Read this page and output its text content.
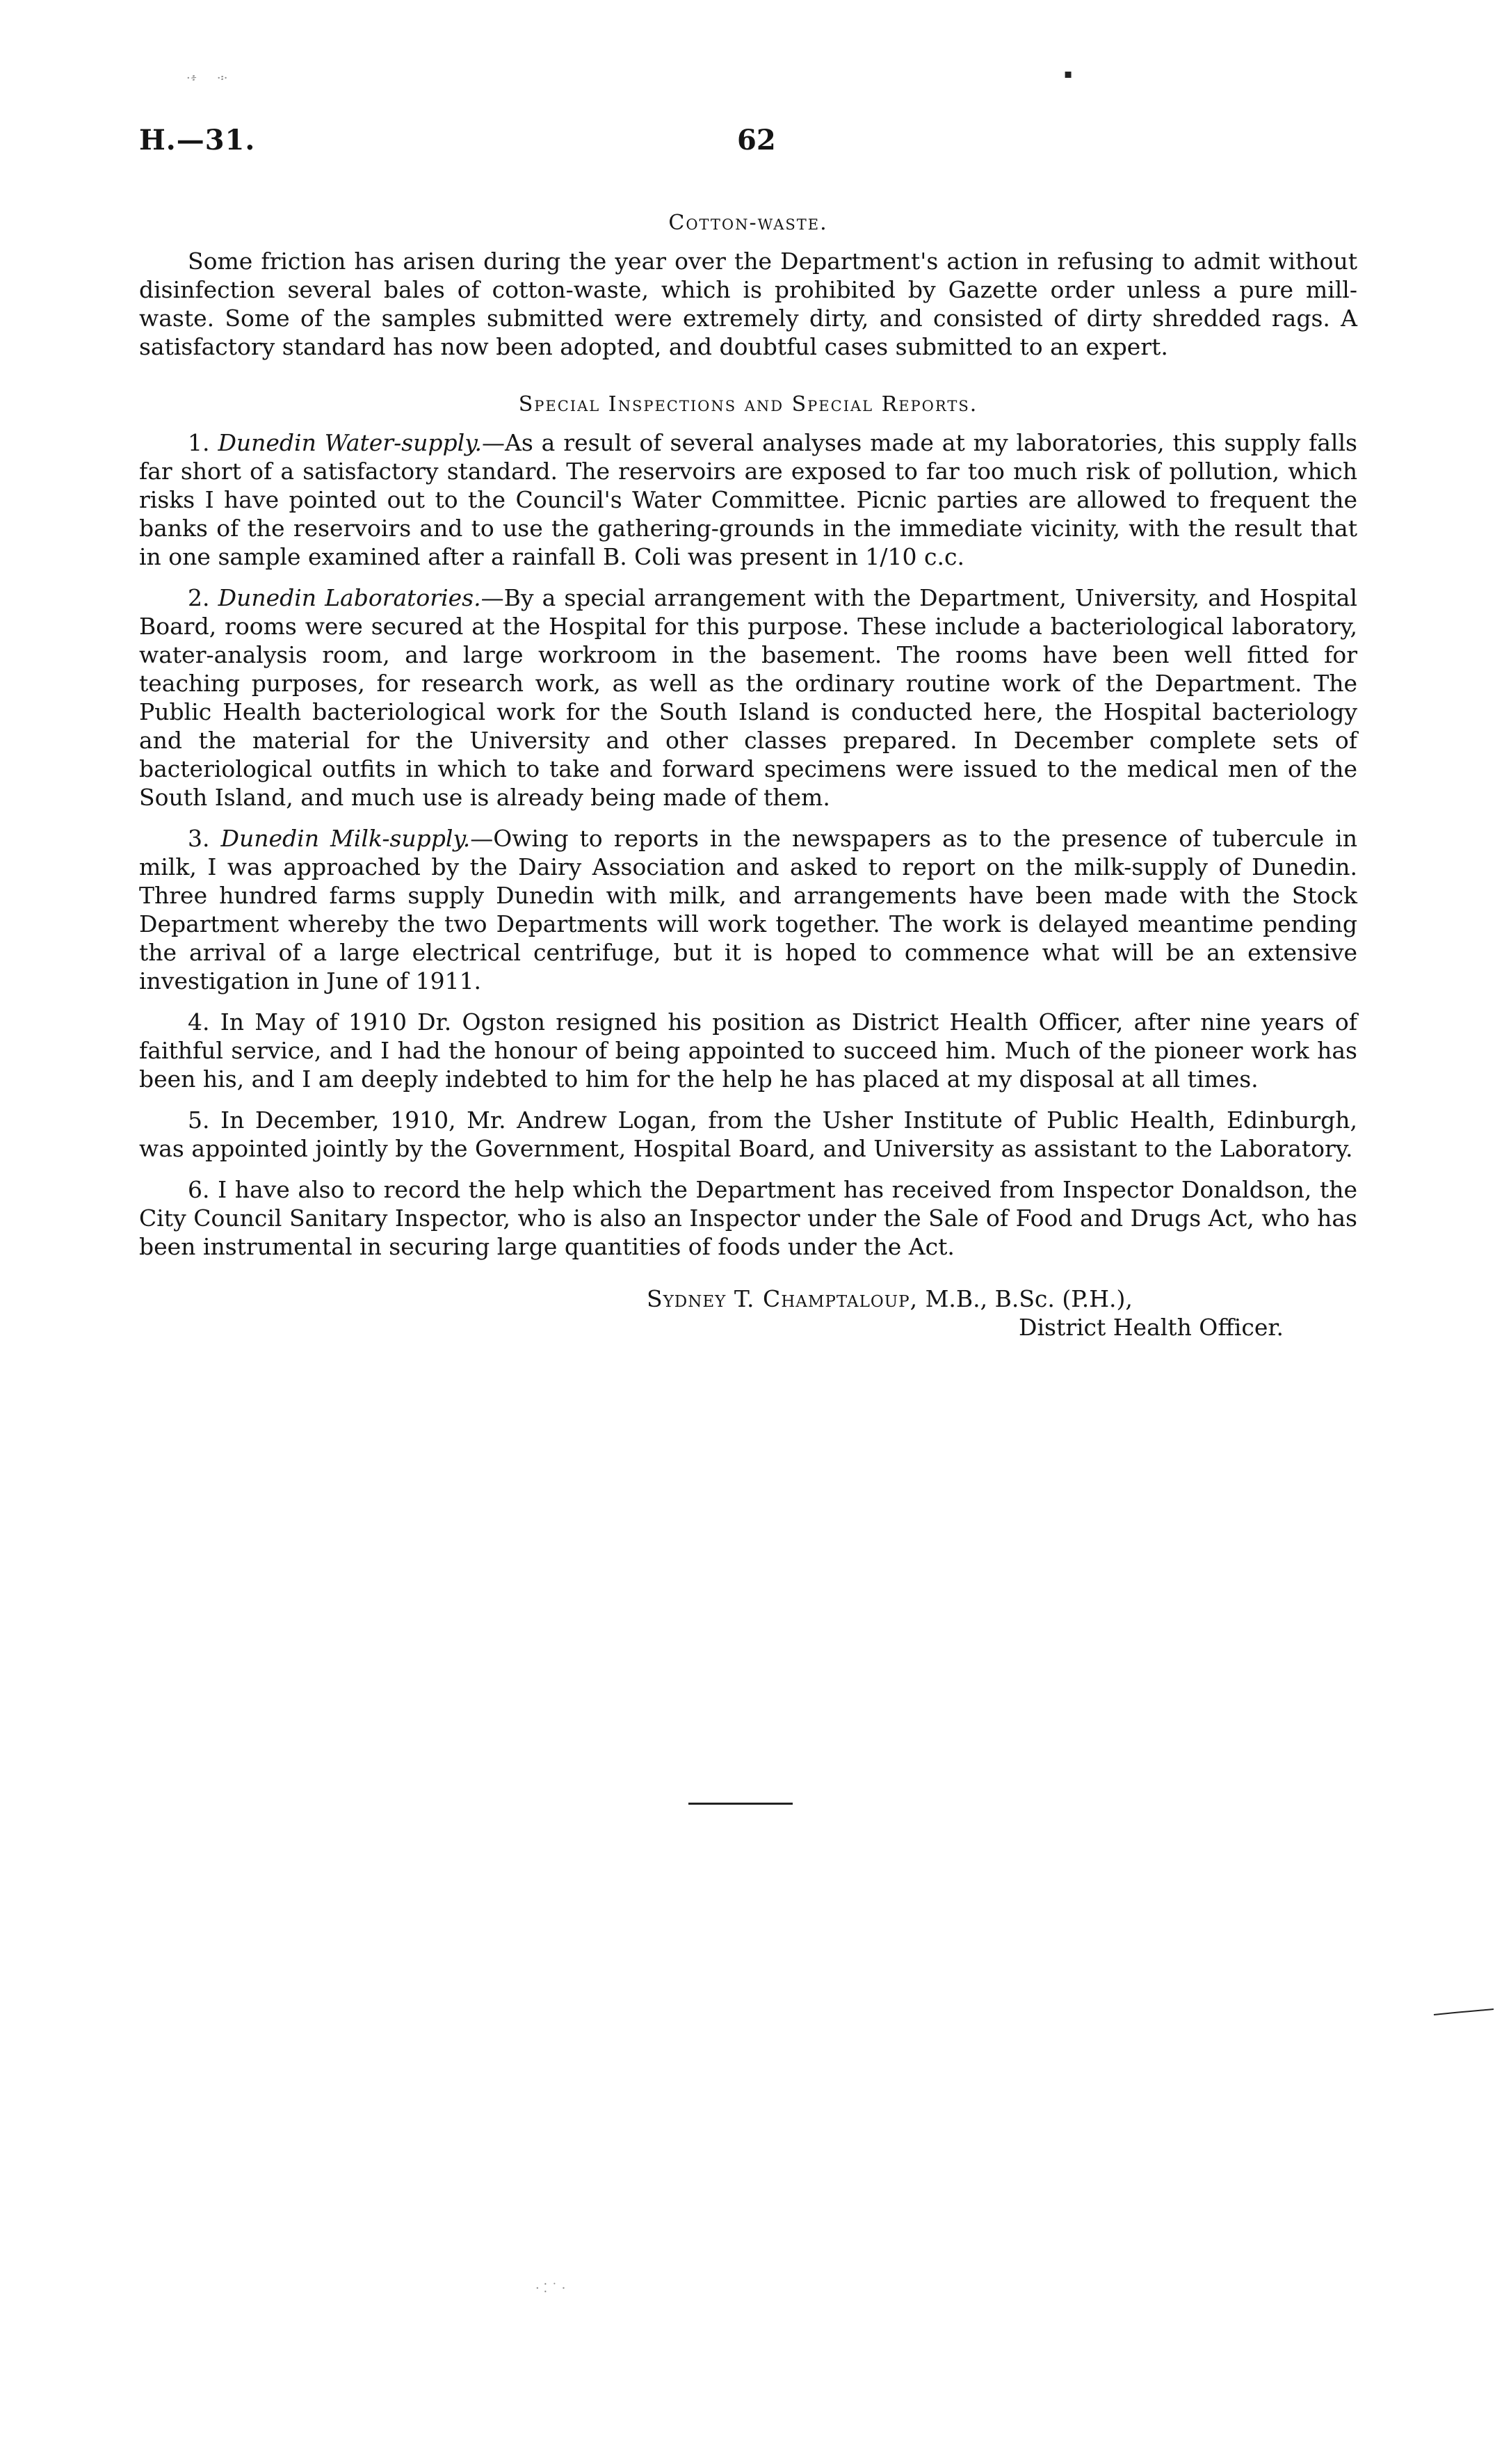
H.—31.	62
Cotton-waste.

Some friction has arisen during the year over the Department's action in refusing to admit without disinfection several bales of cotton-waste, which is prohibited by Gazette order unless a pure mill-waste. Some of the samples submitted were extremely dirty, and consisted of dirty shredded rags. A satisfactory standard has now been adopted, and doubtful cases submitted to an expert.

Special Inspections and Special Reports.

1. Dunedin Water-supply.—As a result of several analyses made at my laboratories, this supply falls far short of a satisfactory standard. The reservoirs are exposed to far too much risk of pollution, which risks I have pointed out to the Council's Water Committee. Picnic parties are allowed to frequent the banks of the reservoirs and to use the gathering-grounds in the immediate vicinity, with the result that in one sample examined after a rainfall B. Coli was present in 1/10 c.c.

2. Dunedin Laboratories.—By a special arrangement with the Department, University, and Hospital Board, rooms were secured at the Hospital for this purpose. These include a bacteriological laboratory, water-analysis room, and large workroom in the basement. The rooms have been well fitted for teaching purposes, for research work, as well as the ordinary routine work of the Department. The Public Health bacteriological work for the South Island is conducted here, the Hospital bacteriology and the material for the University and other classes prepared. In December complete sets of bacteriological outfits in which to take and forward specimens were issued to the medical men of the South Island, and much use is already being made of them.

3. Dunedin Milk-supply.—Owing to reports in the newspapers as to the presence of tubercule in milk, I was approached by the Dairy Association and asked to report on the milk-supply of Dunedin. Three hundred farms supply Dunedin with milk, and arrangements have been made with the Stock Department whereby the two Departments will work together. The work is delayed meantime pending the arrival of a large electrical centrifuge, but it is hoped to commence what will be an extensive investigation in June of 1911.

4. In May of 1910 Dr. Ogston resigned his position as District Health Officer, after nine years of faithful service, and I had the honour of being appointed to succeed him. Much of the pioneer work has been his, and I am deeply indebted to him for the help he has placed at my disposal at all times.

5. In December, 1910, Mr. Andrew Logan, from the Usher Institute of Public Health, Edinburgh, was appointed jointly by the Government, Hospital Board, and University as assistant to the Laboratory.

6. I have also to record the help which the Department has received from Inspector Donaldson, the City Council Sanitary Inspector, who is also an Inspector under the Sale of Food and Drugs Act, who has been instrumental in securing large quantities of foods under the Act.

Sydney T. Champtaloup, M.B., B.Sc. (P.H.),
District Health Officer.
·፥     ·፡·	▪
· ⁚ ˙ ·
